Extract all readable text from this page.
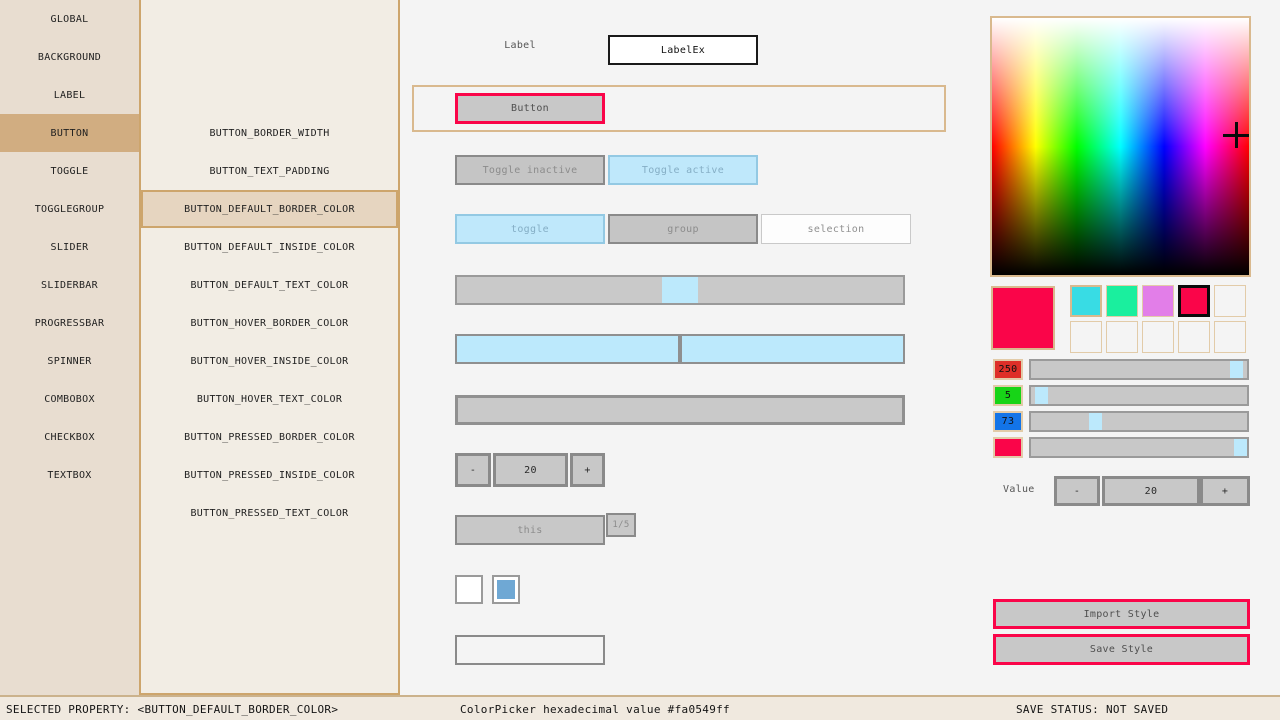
GLOBAL
BACKGROUND
LABEL
BUTTON
TOGGLE
TOGGLEGROUP
SLIDER
SLIDERBAR
PROGRESSBAR
SPINNER
COMBOBOX
CHECKBOX
TEXTBOX
BUTTON_BORDER_WIDTH
BUTTON_TEXT_PADDING
BUTTON_DEFAULT_BORDER_COLOR
BUTTON_DEFAULT_INSIDE_COLOR
BUTTON_DEFAULT_TEXT_COLOR
BUTTON_HOVER_BORDER_COLOR
BUTTON_HOVER_INSIDE_COLOR
BUTTON_HOVER_TEXT_COLOR
BUTTON_PRESSED_BORDER_COLOR
BUTTON_PRESSED_INSIDE_COLOR
BUTTON_PRESSED_TEXT_COLOR
Label	LabelEx
Button
Toggle inactive	Toggle active
toggle	group	selection
-	20	+
this	1/5
250
5
73
Value	-	20	+
Import Style
Save Style
SELECTED PROPERTY: <BUTTON_DEFAULT_BORDER_COLOR>	ColorPicker hexadecimal value #fa0549ff	SAVE STATUS: NOT SAVED
